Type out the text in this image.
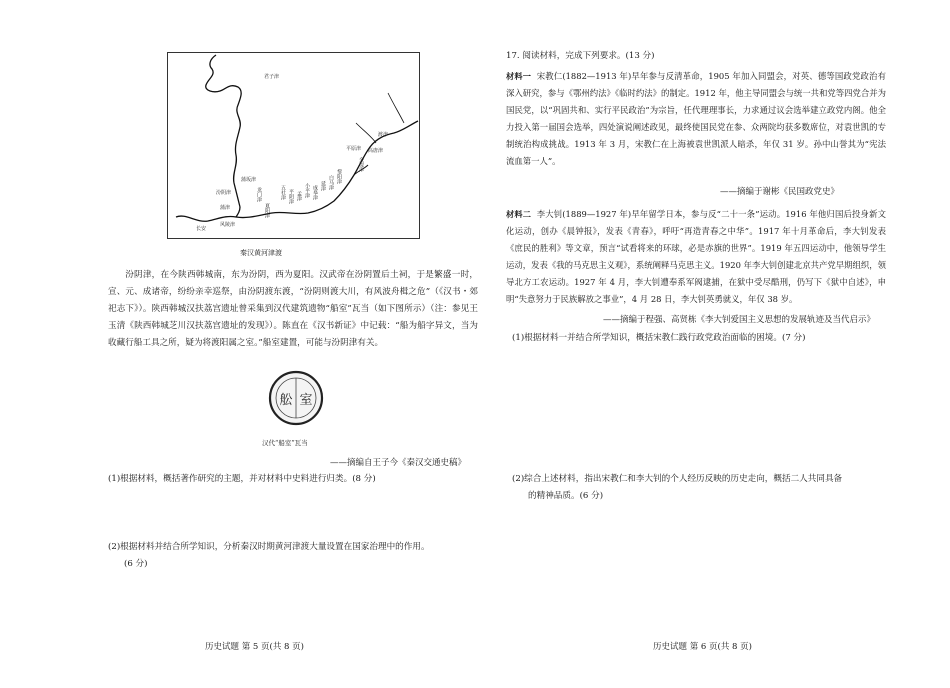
君子津
渡津
平原津 高唐津
蒲坂津
汾阴津
蒲津
风陵津
长安
龙门津
夏阳津
五社津 平阴津 孟津 小平津 成皋津 延津 白马津 黎阳津
金堤津
秦汉黄河津渡
汾阴津，在今陕西韩城南，东为汾阴，西为夏阳。汉武帝在汾阴置后土祠，于是繁盛一时，宣、元、成诸帝，纷纷亲幸巡祭，由汾阴渡东渡，“汾阴则渡大川，有风波舟楫之危”（《汉书・郊祀志下》）。陕西韩城汉扶荔宫遗址曾采集到汉代建筑遗物“船室”瓦当（如下图所示）（注：参见王玉清《陕西韩城芝川汉扶荔宫遗址的发现》）。陈直在《汉书新证》中记载：“船为船字异文，当为收藏行船工具之所，疑为将渡阳属之室。”船室建置，可能与汾阴津有关。
舩 室
汉代“船室”瓦当
——摘编自王子今《秦汉交通史稿》
(1)根据材料，概括著作研究的主题，并对材料中史料进行归类。(8 分)
(2)根据材料并结合所学知识，分析秦汉时期黄河津渡大量设置在国家治理中的作用。
(6 分)
历史试题 第 5 页(共 8 页)
17. 阅读材料，完成下列要求。(13 分)
材料一 宋教仁(1882—1913 年)早年参与反清革命，1905 年加入同盟会，对英、德等国政党政治有深入研究，参与《鄂州约法》《临时约法》的制定。1912 年，他主导同盟会与统一共和党等四党合并为国民党，以“巩固共和、实行平民政治”为宗旨，任代理理事长，力求通过议会选举建立政党内阁。他全力投入第一届国会选举，四处演说阐述政见，最终使国民党在参、众两院均获多数席位，对袁世凯的专制统治构成挑战。1913 年 3 月，宋教仁在上海被袁世凯派人暗杀，年仅 31 岁。孙中山誉其为“宪法流血第一人”。
——摘编于谢彬《民国政党史》
材料二 李大钊(1889—1927 年)早年留学日本，参与反“二十一条”运动。1916 年他归国后投身新文化运动，创办《晨钟报》，发表《青春》，呼吁“再造青春之中华”。1917 年十月革命后，李大钊发表《庶民的胜利》等文章，预言“试看将来的环球，必是赤旗的世界”。1919 年五四运动中，他领导学生运动，发表《我的马克思主义观》，系统阐释马克思主义。1920 年李大钊创建北京共产党早期组织，领导北方工农运动。1927 年 4 月，李大钊遭奉系军阀逮捕，在狱中受尽酷刑，仍写下《狱中自述》，申明“失意努力于民族解放之事业”，4 月 28 日，李大钊英勇就义，年仅 38 岁。
——摘编于程强、高贤栋《李大钊爱国主义思想的发展轨迹及当代启示》
(1)根据材料一并结合所学知识，概括宋教仁践行政党政治面临的困境。(7 分)
(2)综合上述材料，指出宋教仁和李大钊的个人经历反映的历史走向，概括二人共同具备
的精神品质。(6 分)
历史试题 第 6 页(共 8 页)
